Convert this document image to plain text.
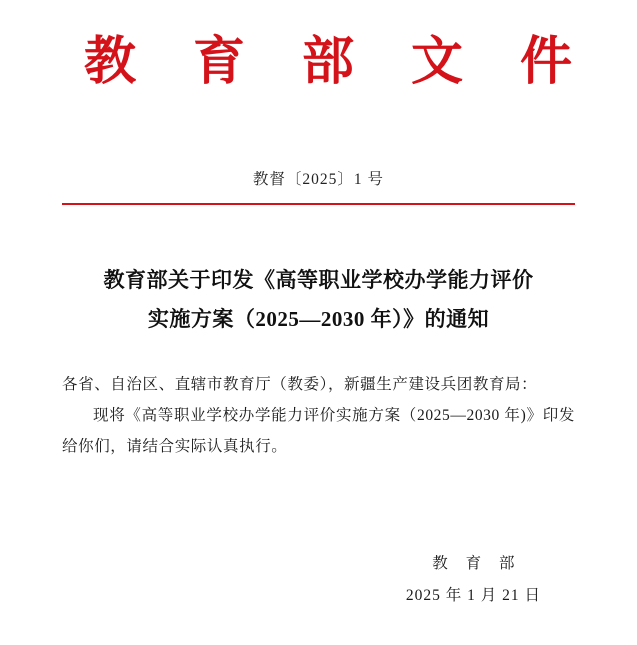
教 育 部 文 件
教督〔2025〕1 号
教育部关于印发《高等职业学校办学能力评价
实施方案（2025—2030 年）》的通知

各省、自治区、直辖市教育厅（教委），新疆生产建设兵团教育局：

现将《高等职业学校办学能力评价实施方案（2025—2030 年)》印发给你们，请结合实际认真执行。

教 育 部
2025 年 1 月 21 日
